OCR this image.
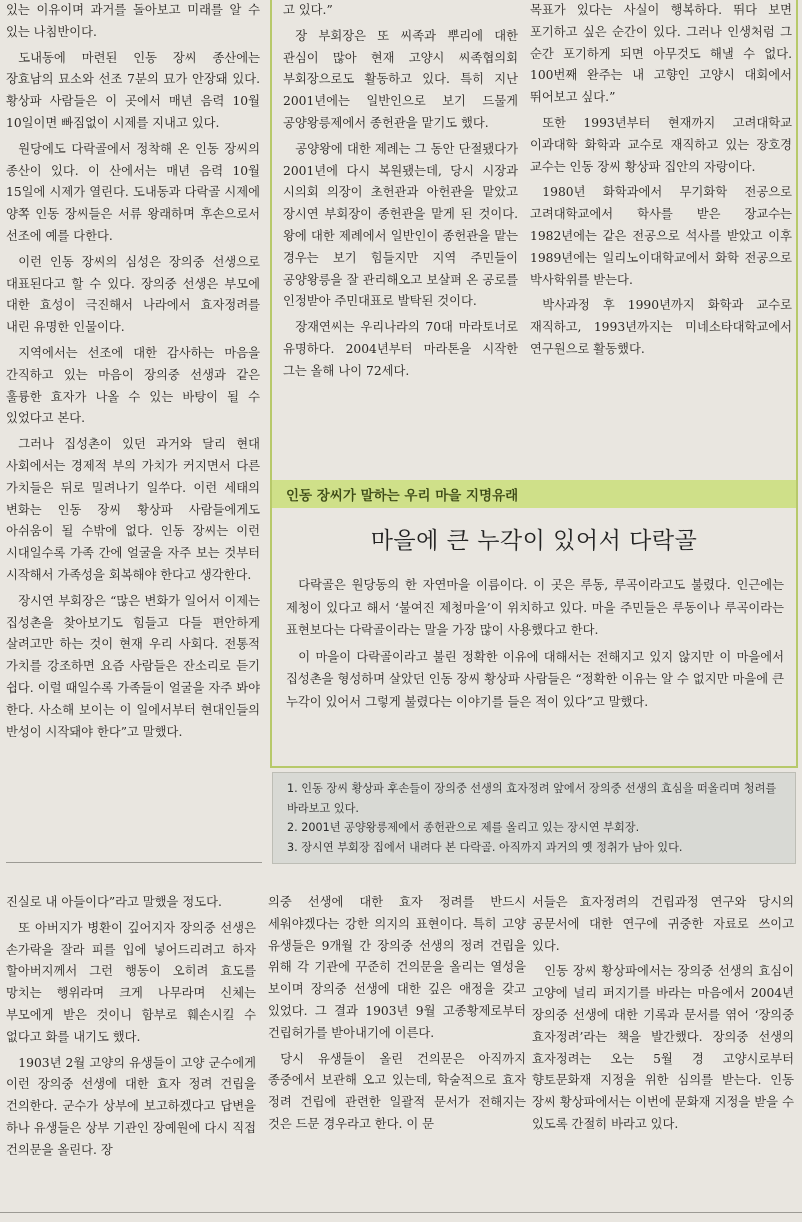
있는 이유이며 과거를 돌아보고 미래를 알 수 있는 나침반이다.

도내동에 마련된 인동 장씨 종산에는 장효남의 묘소와 선조 7분의 묘가 안장돼 있다. 황상파 사람들은 이 곳에서 매년 음력 10월 10일이면 빠짐없이 시제를 지내고 있다.

원당에도 다락골에서 정착해 온 인동 장씨의 종산이 있다. 이 산에서는 매년 음력 10월 15일에 시제가 열린다. 도내동과 다락골 시제에 양쪽 인동 장씨들은 서류 왕래하며 후손으로서 선조에 예를 다한다.

이런 인동 장씨의 심성은 장의중 선생으로 대표된다고 할 수 있다. 장의중 선생은 부모에 대한 효성이 극진해서 나라에서 효자정려를 내린 유명한 인물이다.

지역에서는 선조에 대한 감사하는 마음을 간직하고 있는 마음이 장의중 선생과 같은 훌륭한 효자가 나올 수 있는 바탕이 될 수 있었다고 본다.

그러나 집성촌이 있던 과거와 달리 현대 사회에서는 경제적 부의 가치가 커지면서 다른 가치들은 뒤로 밀려나기 일쑤다. 이런 세태의 변화는 인동 장씨 황상파 사람들에게도 아쉬움이 될 수밖에 없다. 인동 장씨는 이런 시대일수록 가족 간에 얼굴을 자주 보는 것부터 시작해서 가족성을 회복해야 한다고 생각한다.

장시연 부회장은 “많은 변화가 일어서 이제는 집성촌을 찾아보기도 힘들고 다들 편안하게 살려고만 하는 것이 현재 우리 사회다. 전통적 가치를 강조하면 요즘 사람들은 잔소리로 듣기 쉽다. 이럴 때일수록 가족들이 얼굴을 자주 봐야 한다. 사소해 보이는 이 일에서부터 현대인들의 반성이 시작돼야 한다”고 말했다.

고 있다.”

장 부회장은 또 씨족과 뿌리에 대한 관심이 많아 현재 고양시 씨족협의회 부회장으로도 활동하고 있다. 특히 지난 2001년에는 일반인으로 보기 드물게 공양왕릉제에서 종헌관을 맡기도 했다.

공양왕에 대한 제례는 그 동안 단절됐다가 2001년에 다시 복원됐는데, 당시 시장과 시의회 의장이 초헌관과 아헌관을 맡았고 장시연 부회장이 종헌관을 맡게 된 것이다. 왕에 대한 제례에서 일반인이 종헌관을 맡는 경우는 보기 힘들지만 지역 주민들이 공양왕릉을 잘 관리해오고 보살펴 온 공로를 인정받아 주민대표로 발탁된 것이다.

장재연씨는 우리나라의 70대 마라토너로 유명하다. 2004년부터 마라톤을 시작한 그는 올해 나이 72세다.

목표가 있다는 사실이 행복하다. 뛰다 보면 포기하고 싶은 순간이 있다. 그러나 인생처럼 그 순간 포기하게 되면 아무것도 해낼 수 없다. 100번째 완주는 내 고향인 고양시 대회에서 뛰어보고 싶다.”

또한 1993년부터 현재까지 고려대학교 이과대학 화학과 교수로 재직하고 있는 장호경 교수는 인동 장씨 황상파 집안의 자랑이다.

1980년 화학과에서 무기화학 전공으로 고려대학교에서 학사를 받은 장교수는 1982년에는 같은 전공으로 석사를 받았고 이후 1989년에는 일리노이대학교에서 화학 전공으로 박사학위를 받는다.

박사과정 후 1990년까지 화학과 교수로 재직하고, 1993년까지는 미네소타대학교에서 연구원으로 활동했다.

인동 장씨가 말하는 우리 마을 지명유래
마을에 큰 누각이 있어서 다락골

다락골은 원당동의 한 자연마을 이름이다. 이 곳은 루동, 루곡이라고도 불렸다. 인근에는 제청이 있다고 해서 ‘불여진 제청마을’이 위치하고 있다. 마을 주민들은 루동이나 루곡이라는 표현보다는 다락골이라는 말을 가장 많이 사용했다고 한다.

이 마을이 다락골이라고 불린 정확한 이유에 대해서는 전해지고 있지 않지만 이 마을에서 집성촌을 형성하며 살았던 인동 장씨 황상파 사람들은 “정확한 이유는 알 수 없지만 마을에 큰 누각이 있어서 그렇게 불렸다는 이야기를 들은 적이 있다”고 말했다.

1. 인동 장씨 황상파 후손들이 장의중 선생의 효자정려 앞에서 장의중 선생의 효심을 떠올리며 청려를 바라보고 있다.
2. 2001년 공양왕릉제에서 종헌관으로 제를 올리고 있는 장시연 부회장.
3. 장시연 부회장 집에서 내려다 본 다락골. 아직까지 과거의 옛 정취가 남아 있다.

진실로 내 아들이다”라고 말했을 정도다.

또 아버지가 병환이 깊어지자 장의중 선생은 손가락을 잘라 피를 입에 넣어드리려고 하자 할아버지께서 그런 행동이 오히려 효도를 망치는 행위라며 크게 나무라며 신체는 부모에게 받은 것이니 함부로 훼손시킬 수 없다고 화를 내기도 했다.

1903년 2월 고양의 유생들이 고양 군수에게 이런 장의중 선생에 대한 효자 정려 건립을 건의한다. 군수가 상부에 보고하겠다고 답변을 하나 유생들은 상부 기관인 장예원에 다시 직접 건의문을 올린다. 장

의중 선생에 대한 효자 정려를 반드시 세워야겠다는 강한 의지의 표현이다. 특히 고양 유생들은 9개월 간 장의중 선생의 정려 건립을 위해 각 기관에 꾸준히 건의문을 올리는 열성을 보이며 장의중 선생에 대한 깊은 애정을 갖고 있었다. 그 결과 1903년 9월 고종황제로부터 건립허가를 받아내기에 이른다.

당시 유생들이 올린 건의문은 아직까지 종중에서 보관해 오고 있는데, 학술적으로 효자 정려 건립에 관련한 일괄적 문서가 전해지는 것은 드문 경우라고 한다. 이 문

서들은 효자정려의 건립과정 연구와 당시의 공문서에 대한 연구에 귀중한 자료로 쓰이고 있다.

인동 장씨 황상파에서는 장의중 선생의 효심이 고양에 널리 퍼지기를 바라는 마음에서 2004년 장의중 선생에 대한 기록과 문서를 엮어 ‘장의중 효자정려’라는 책을 발간했다. 장의중 선생의 효자정려는 오는 5월 경 고양시로부터 향토문화재 지정을 위한 심의를 받는다. 인동 장씨 황상파에서는 이번에 문화재 지정을 받을 수 있도록 간절히 바라고 있다.
